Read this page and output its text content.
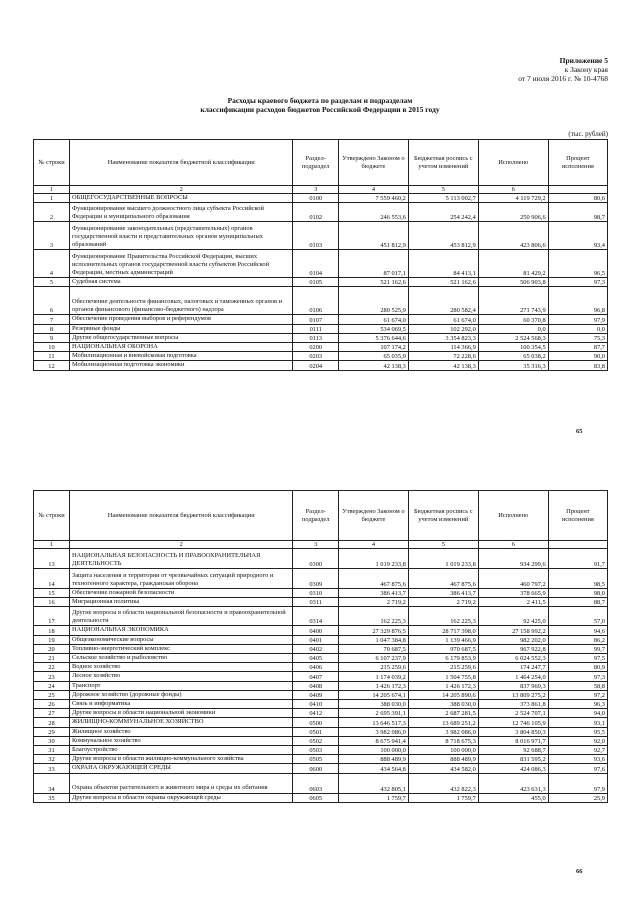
Приложение 5
к Закону края
от 7 июля 2016 г. № 10-4768
Расходы краевого бюджета по разделам и подразделам
классификации расходов бюджетов Российской Федерации в 2015 году
(тыс. рублей)
№ строки	Наименование показателя бюджетной классификации	Раздел-подраздел	Утверждено Законом о бюджете	Бюджетная роспись с учетом изменений	Исполнено	Процент исполнения
1	2	3	4	5	6	
1	ОБЩЕГОСУДАРСТВЕННЫЕ ВОПРОСЫ	0100	7 559 460,2	5 113 002,7	4 119 729,2	80,6
2	Функционирование высшего должностного лица субъекта Российской Федерации и муниципального образования	0102	246 553,6	254 242,4	250 906,6	98,7
3	Функционирование законодательных (представительных) органов государственной власти и представительных органов муниципальных образований	0103	451 812,9	453 812,9	423 806,6	93,4
4	Функционирование Правительства Российской Федерации, высших исполнительных органов государственной власти субъектов Российской Федерации, местных администраций	0104	87 017,1	84 413,1	81 429,2	96,5
5	Судебная система	0105	521 162,6	521 162,6	506 903,8	97,3
6	Обеспечение деятельности финансовых, налоговых и таможенных органов и органов финансового (финансово-бюджетного) надзора	0106	280 525,9	280 582,4	271 743,9	96,8
7	Обеспечение проведения выборов и референдумов	0107	61 674,0	61 674,0	60 370,8	97,9
8	Резервные фонды	0111	534 069,5	102 292,0	0,0	0,0
9	Другие общегосударственные вопросы	0113	5 376 644,6	3 354 823,3	2 524 568,3	75,3
10	НАЦИОНАЛЬНАЯ ОБОРОНА	0200	107 174,2	114 366,9	100 354,5	87,7
11	Мобилизационная и вневойсковая подготовка	0203	65 035,9	72 228,6	65 038,2	90,0
12	Мобилизационная подготовка экономики	0204	42 138,3	42 138,3	35 316,3	83,8
65
№ строки	Наименование показателя бюджетной классификации	Раздел-подраздел	Утверждено Законом о бюджете	Бюджетная роспись с учетом изменений	Исполнено	Процент исполнения
1	2	3	4	5	6	
13	НАЦИОНАЛЬНАЯ БЕЗОПАСНОСТЬ И ПРАВООХРАНИТЕЛЬНАЯ ДЕЯТЕЛЬНОСТЬ	0300	1 019 233,8	1 019 233,8	934 299,6	91,7
14	Защита населения и территории от чрезвычайных ситуаций природного и техногенного характера, гражданская оборона	0309	467 875,6	467 875,6	460 797,2	98,5
15	Обеспечение пожарной безопасности	0310	386 413,7	386 413,7	378 665,9	98,0
16	Миграционная политика	0311	2 719,2	2 719,2	2 411,5	88,7
17	Другие вопросы в области национальной безопасности и правоохранительной деятельности	0314	162 225,3	162 225,3	92 425,0	57,0
18	НАЦИОНАЛЬНАЯ ЭКОНОМИКА	0400	27 329 876,5	28 717 398,0	27 158 992,2	94,6
19	Общеэкономические вопросы	0401	1 047 384,8	1 139 466,9	982 202,0	86,2
20	Топливно-энергетический комплекс	0402	70 687,5	970 687,5	967 922,8	99,7
21	Сельское хозяйство и рыболовство	0405	6 107 237,9	6 179 853,9	6 024 552,3	97,5
22	Водное хозяйство	0406	215 259,6	215 259,6	174 247,7	80,9
23	Лесное хозяйство	0407	1 174 039,2	1 504 755,8	1 464 254,0	97,3
24	Транспорт	0408	1 426 172,3	1 426 172,3	837 969,3	58,8
25	Дорожное хозяйство (дорожные фонды)	0409	14 205 674,1	14 205 890,6	13 809 275,2	97,2
26	Связь и информатика	0410	388 030,0	388 030,0	373 861,8	96,3
27	Другие вопросы в области национальной экономики	0412	2 695 391,1	2 687 281,5	2 524 707,1	94,0
28	ЖИЛИЩНО-КОММУНАЛЬНОЕ ХОЗЯЙСТВО	0500	13 646 517,3	13 689 251,2	12 746 105,9	93,1
29	Жилищное хозяйство	0501	3 982 086,0	3 982 086,0	3 804 850,3	95,5
30	Коммунальное хозяйство	0502	8 675 941,4	8 718 675,3	8 016 971,7	92,0
31	Благоустройство	0503	100 000,0	100 000,0	92 688,7	92,7
32	Другие вопросы в области жилищно-коммунального хозяйства	0505	888 489,9	888 489,9	831 595,2	93,6
33	ОХРАНА ОКРУЖАЮЩЕЙ СРЕДЫ	0600	434 564,8	434 582,0	424 086,3	97,6
34	Охрана объектов растительного и животного мира и среды их обитания	0603	432 805,1	432 822,3	423 631,3	97,9
35	Другие вопросы в области охраны окружающей среды	0605	1 759,7	1 759,7	455,0	25,9
66
